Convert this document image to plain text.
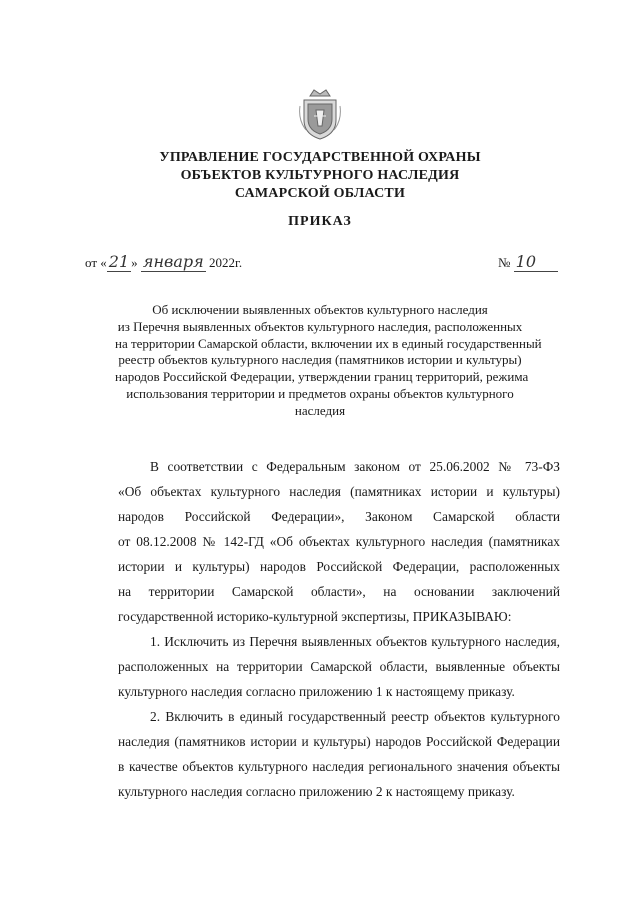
УПРАВЛЕНИЕ ГОСУДАРСТВЕННОЙ ОХРАНЫ
ОБЪЕКТОВ КУЛЬТУРНОГО НАСЛЕДИЯ
САМАРСКОЙ ОБЛАСТИ
ПРИКАЗ
от « 21 » января 2022г.	№ 10
Об исключении выявленных объектов культурного наследия
из Перечня выявленных объектов культурного наследия, расположенных
на территории Самарской области, включении их в единый государственный
реестр объектов культурного наследия (памятников истории и культуры)
народов Российской Федерации, утверждении границ территорий, режима
использования территории и предметов охраны объектов культурного
наследия
В соответствии с Федеральным законом от 25.06.2002 № 73-ФЗ
«Об объектах культурного наследия (памятниках истории и культуры)
народов Российской Федерации», Законом Самарской области
от 08.12.2008 № 142-ГД «Об объектах культурного наследия (памятниках
истории и культуры) народов Российской Федерации, расположенных
на территории Самарской области», на основании заключений
государственной историко-культурной экспертизы, ПРИКАЗЫВАЮ:
1. Исключить из Перечня выявленных объектов культурного наследия,
расположенных на территории Самарской области, выявленные объекты
культурного наследия согласно приложению 1 к настоящему приказу.
2. Включить в единый государственный реестр объектов культурного
наследия (памятников истории и культуры) народов Российской Федерации
в качестве объектов культурного наследия регионального значения объекты
культурного наследия согласно приложению 2 к настоящему приказу.
